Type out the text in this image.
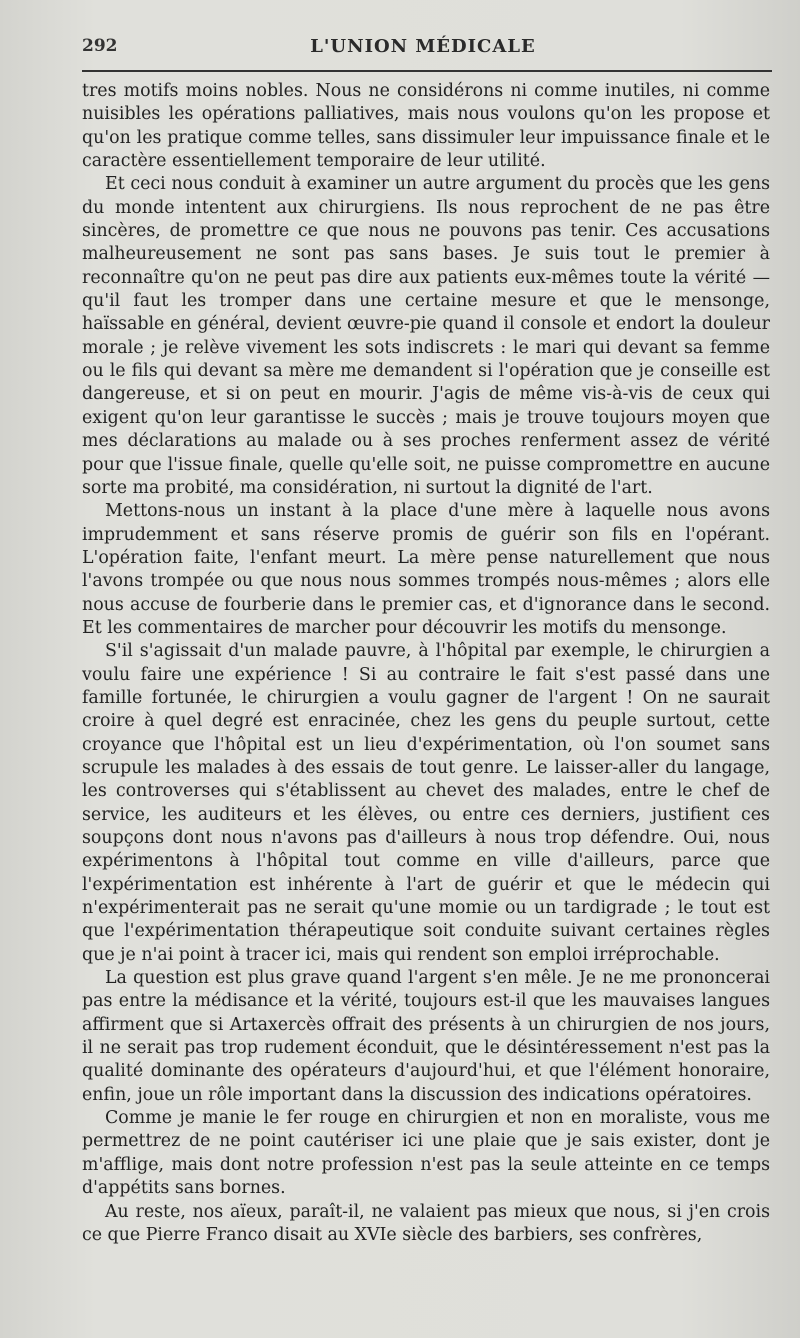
292	L'UNION MÉDICALE

tres motifs moins nobles. Nous ne considérons ni comme inutiles, ni comme nuisibles les opérations palliatives, mais nous voulons qu'on les propose et qu'on les pratique comme telles, sans dissimuler leur impuissance finale et le caractère essentiellement temporaire de leur utilité.

Et ceci nous conduit à examiner un autre argument du procès que les gens du monde intentent aux chirurgiens. Ils nous reprochent de ne pas être sincères, de promettre ce que nous ne pouvons pas tenir. Ces accusations malheureusement ne sont pas sans bases. Je suis tout le premier à reconnaître qu'on ne peut pas dire aux patients eux-mêmes toute la vérité — qu'il faut les tromper dans une certaine mesure et que le mensonge, haïssable en général, devient œuvre-pie quand il console et endort la douleur morale ; je relève vivement les sots indiscrets : le mari qui devant sa femme ou le fils qui devant sa mère me demandent si l'opération que je conseille est dangereuse, et si on peut en mourir. J'agis de même vis-à-vis de ceux qui exigent qu'on leur garantisse le succès ; mais je trouve toujours moyen que mes déclarations au malade ou à ses proches renferment assez de vérité pour que l'issue finale, quelle qu'elle soit, ne puisse compromettre en aucune sorte ma probité, ma considération, ni surtout la dignité de l'art.

Mettons-nous un instant à la place d'une mère à laquelle nous avons imprudemment et sans réserve promis de guérir son fils en l'opérant. L'opération faite, l'enfant meurt. La mère pense naturellement que nous l'avons trompée ou que nous nous sommes trompés nous-mêmes ; alors elle nous accuse de fourberie dans le premier cas, et d'ignorance dans le second. Et les commentaires de marcher pour découvrir les motifs du mensonge.

S'il s'agissait d'un malade pauvre, à l'hôpital par exemple, le chirurgien a voulu faire une expérience ! Si au contraire le fait s'est passé dans une famille fortunée, le chirurgien a voulu gagner de l'argent ! On ne saurait croire à quel degré est enracinée, chez les gens du peuple surtout, cette croyance que l'hôpital est un lieu d'expérimentation, où l'on soumet sans scrupule les malades à des essais de tout genre. Le laisser-aller du langage, les controverses qui s'établissent au chevet des malades, entre le chef de service, les auditeurs et les élèves, ou entre ces derniers, justifient ces soupçons dont nous n'avons pas d'ailleurs à nous trop défendre. Oui, nous expérimentons à l'hôpital tout comme en ville d'ailleurs, parce que l'expérimentation est inhérente à l'art de guérir et que le médecin qui n'expérimenterait pas ne serait qu'une momie ou un tardigrade ; le tout est que l'expérimentation thérapeutique soit conduite suivant certaines règles que je n'ai point à tracer ici, mais qui rendent son emploi irréprochable.

La question est plus grave quand l'argent s'en mêle. Je ne me prononcerai pas entre la médisance et la vérité, toujours est-il que les mauvaises langues affirment que si Artaxercès offrait des présents à un chirurgien de nos jours, il ne serait pas trop rudement éconduit, que le désintéressement n'est pas la qualité dominante des opérateurs d'aujourd'hui, et que l'élément honoraire, enfin, joue un rôle important dans la discussion des indications opératoires.

Comme je manie le fer rouge en chirurgien et non en moraliste, vous me permettrez de ne point cautériser ici une plaie que je sais exister, dont je m'afflige, mais dont notre profession n'est pas la seule atteinte en ce temps d'appétits sans bornes.

Au reste, nos aïeux, paraît-il, ne valaient pas mieux que nous, si j'en crois ce que Pierre Franco disait au XVIe siècle des barbiers, ses confrères,
